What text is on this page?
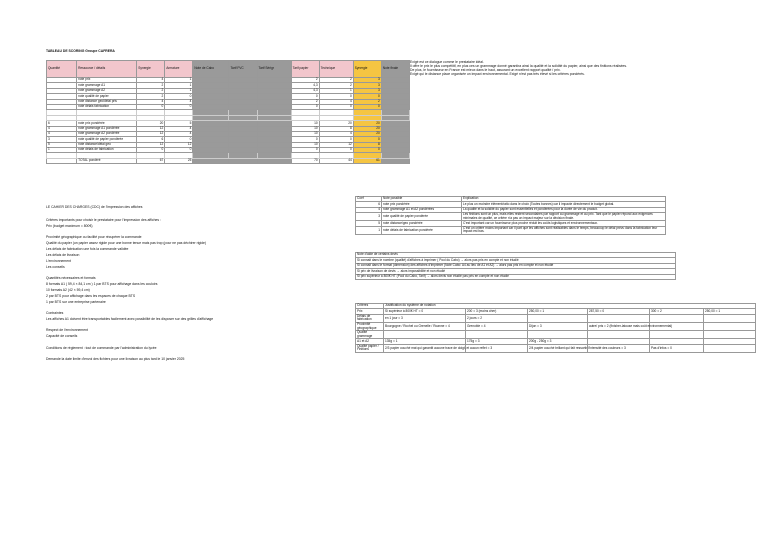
TABLEAU DE SCORING Groupe CAFRERA
Quantité	Ressource / détails	Synergie	Armature	Note de Cabo	Tarif FVC	Tarif Sérigr	Tarif papier	Technique	Synergie	Note finale
	note prix	4	1				2	2	3	
	note grammage A1	2	1				4,3	2	3	
	note grammage A2	2	1				4,3	1	3	
	note qualité de papier	2	0				0	0	0	
	note distance geo/délai pris	4	4				2	4	2	
	note délais fabrication	0	0				0	0	0	

6	note prix pondérée	20	5				10	20	20	
4	note grammage A1 pondérée	12	4				10	8	20	
4	note grammage A2 pondérée	12	4				10	4	20	
3	note qualité de papier pondérée	6	0				0	0	0	
5	note distance/délai geo	12	12				10	12	8	
1	note délais de fabrication	0	0				0	0	0	

	TOTAL pondéré	67	25				70	44	61	
Exigé est ce dialogue comme le prestataire idéal.
Il offre le prix le plus compétitif, en plus ces un grammage donné garantira ainsi la qualité et la solidité du papier, ainsi que des finitions réalisées.
De plus, le fournisseur en France est mieux dans le haut, assurant un excellent rapport qualité / prix.
Exigé qui le distance place organisée un impact environnemental. Exigé n'est pas très élevé si les critères pondérés.
LE CAHIER DES CHARGES (CDC) de l'impression des affiches
Critères importants pour choisir le prestataire pour l'impression des affiches :
Prix (budget maximum = 800€)
Proximité géographique ou facilité pour récupérer la commande
Qualité du papier (un papier assez rigide pour une bonne tenue mais pas trop (pour ne pas déchirer rigide)
Les délais de fabrication une fois la commande validée
Les délais de livraison
L'environnement
Les conseils
Quantités nécessaires et formats
8 formats A1 ( 59,4 × 84,1 cm ) 1 par BTS pour affichage dans les couloirs
10 formats A2 (42 × 59,4 cm)
2 par BTS pour affichage dans les espaces de chaque BTS
1 par BTS sur une entreprise partenaire
Contraintes
Les affiches A1 doivent être transportables facilement avec possibilité de les disposer sur des grilles d'affichage
Respect de l'environnement
Capacité de conseils
Conditions de règlement : tout de commande par l'administration du lycée
Demande la date limite d'envoi des fichiers pour une livraison au plus tard le 10 janvier 2025
Coef	Note possible	Explication
6	note prix pondérée	Le plus un moindre élément/ratio dans le choix (Toutes bonnes) car il impacte directement le budget global.
4	note grammage A1 et A2 pondérées	La qualité et la solidité du papier sont essentielles et pondérées pour la durée de vie du produit.
3	note qualité de papier pondérée	Les finitions sont un plus, mais elles restent secondaires par rapport au grammage et au prix. Tant que le papier répond aux exigences minimales de qualité, ce critère n'a pas un impact majeur sur la décision finale.
5	note distance/geo pondérée	C'est important car un fournisseur plus proche réduit les coûts logistiques et environnementaux.
1	note délais de fabrication pondérée	C'est un critère moins important car il part que les affiches sont réalisables dans le temps, beaucoup le délai prévu dans la fabrication leur impact est bas.
Note d'aide de certains devis
Si connait dans le nombre (qualité) d'affiches à imprimer ( Pool du Cabo) → alors pas pris en compte et non étudié
Si connait dans le format (dimension) des affiches d'imprimer (Note Cabo: A4 au lieu de A1 et A2) → alors pas pris en compte et non étudié
Si prix de livraison de devis → alors impossibilité et non étudié
Si prix supérieur à 800€ HT (Pool du Cabo, Tarif) → alors devis non étudié pas pris en compte et non étudié
Critères	Justification du système de notation					
Prix	Si supérieur à 800€ HT = 0	200 = 3 (moins cher)	250,00 = 1	287,50 = 0	300 = 2	250,00 = 1
Délais de fabrication	en 1 jour = 3	2 jours = 2				
Proximité géographique	Bourgogne / Rochel ou Grenelle / Roanne = 4	Grenoble = 4	Dijon = 3	autre/ pris = 2 (finisher-latouse mais coût environnemental)		
Qualité grammage						
A1 et A2	135g = 1	175g = 3	200g - 250g = 3			
Qualité papier / Finitions	2/3 papier couché mat qui garantit aucune trace de doigt, et aucun reflet = 3		2/4 papier couché brillant qui fait ressortir l'intensité des couleurs = 3		Pas d'infos = 0	
